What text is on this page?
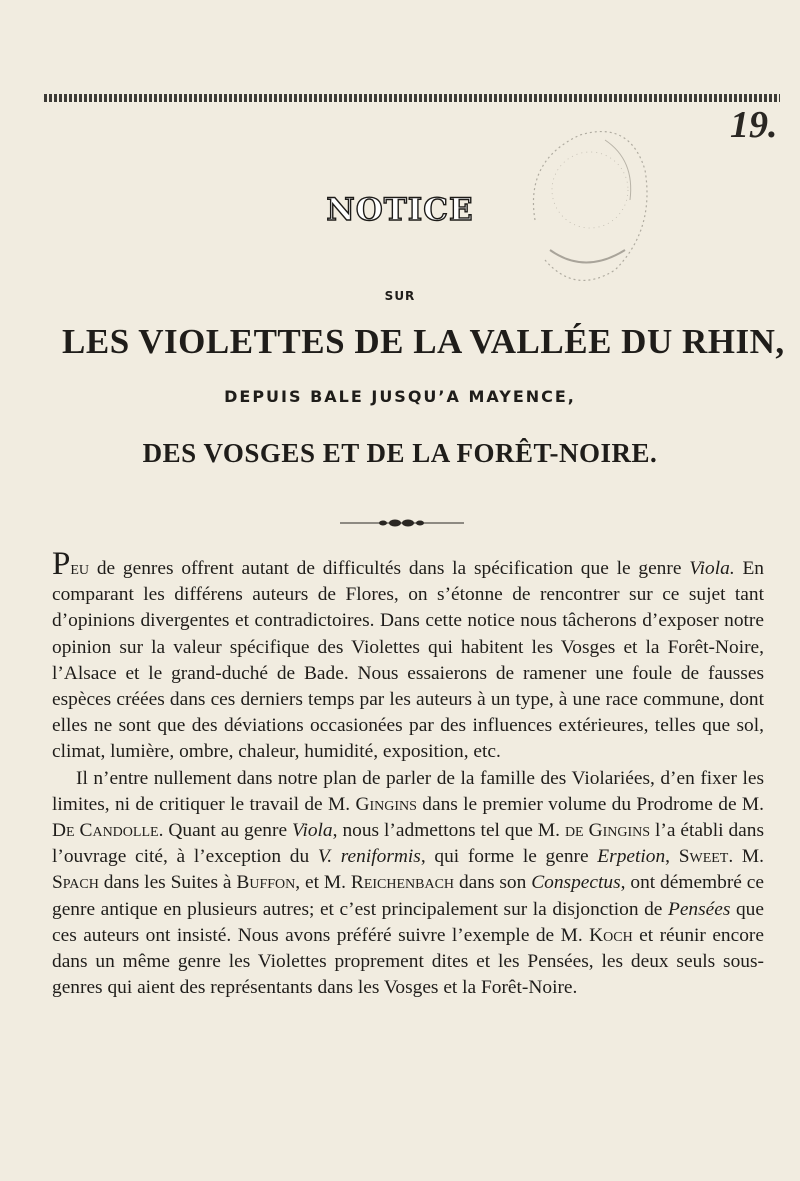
19.
NOTICE
SUR
LES VIOLETTES DE LA VALLÉE DU RHIN,
DEPUIS BALE JUSQU’A MAYENCE,
DES VOSGES ET DE LA FORÊT-NOIRE.

Peu de genres offrent autant de difficultés dans la spécification que le genre Viola. En comparant les différens auteurs de Flores, on s’étonne de rencontrer sur ce sujet tant d’opinions divergentes et contradictoires. Dans cette notice nous tâcherons d’exposer notre opinion sur la valeur spécifique des Violettes qui habitent les Vosges et la Forêt-Noire, l’Alsace et le grand-duché de Bade. Nous essaierons de ramener une foule de fausses espèces créées dans ces derniers temps par les auteurs à un type, à une race commune, dont elles ne sont que des déviations occasionées par des influences extérieures, telles que sol, climat, lumière, ombre, chaleur, humidité, exposition, etc.

Il n’entre nullement dans notre plan de parler de la famille des Violariées, d’en fixer les limites, ni de critiquer le travail de M. Gingins dans le premier volume du Prodrome de M. De Candolle. Quant au genre Viola, nous l’admettons tel que M. de Gingins l’a établi dans l’ouvrage cité, à l’exception du V. reniformis, qui forme le genre Erpetion, Sweet. M. Spach dans les Suites à Buffon, et M. Reichenbach dans son Conspectus, ont démembré ce genre antique en plusieurs autres; et c’est principalement sur la disjonction de Pensées que ces auteurs ont insisté. Nous avons préféré suivre l’exemple de M. Koch et réunir encore dans un même genre les Violettes proprement dites et les Pensées, les deux seuls sous-genres qui aient des représentants dans les Vosges et la Forêt-Noire.
